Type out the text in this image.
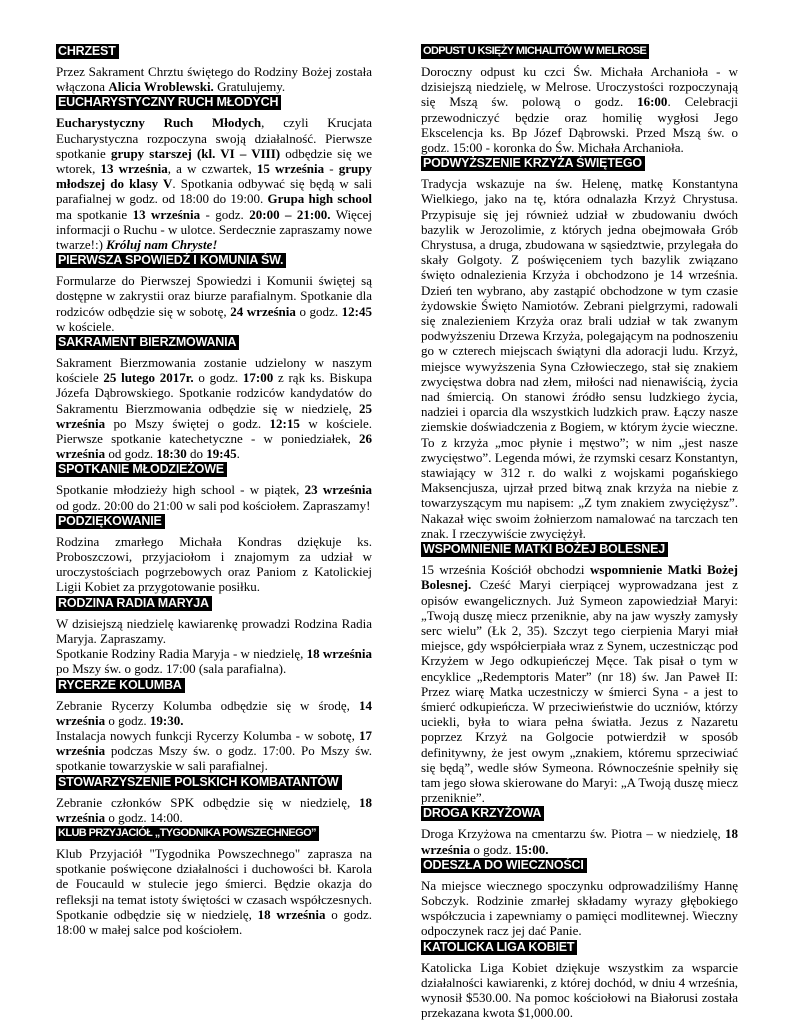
CHRZEST
Przez Sakrament Chrztu świętego do Rodziny Bożej została włączona Alicia Wroblewski. Gratulujemy.
EUCHARYSTYCZNY RUCH MŁODYCH
Eucharystyczny Ruch Młodych, czyli Krucjata Eucharystyczna rozpoczyna swoją działalność. Pierwsze spotkanie grupy starszej (kl. VI – VIII) odbędzie się we wtorek, 13 września, a w czwartek, 15 września - grupy młodszej do klasy V. Spotkania odbywać się będą w sali parafialnej w godz. od 18:00 do 19:00. Grupa high school ma spotkanie 13 września - godz. 20:00 – 21:00. Więcej informacji o Ruchu - w ulotce. Serdecznie zapraszamy nowe twarze!:) Króluj nam Chryste!
PIERWSZA SPOWIEDŹ I KOMUNIA ŚW.
Formularze do Pierwszej Spowiedzi i Komunii świętej są dostępne w zakrystii oraz biurze parafialnym. Spotkanie dla rodziców odbędzie się w sobotę, 24 września o godz. 12:45 w kościele.
SAKRAMENT BIERZMOWANIA
Sakrament Bierzmowania zostanie udzielony w naszym kościele 25 lutego 2017r. o godz. 17:00 z rąk ks. Biskupa Józefa Dąbrowskiego. Spotkanie rodziców kandydatów do Sakramentu Bierzmowania odbędzie się w niedzielę, 25 września po Mszy świętej o godz. 12:15 w kościele. Pierwsze spotkanie katechetyczne - w poniedziałek, 26 września od godz. 18:30 do 19:45.
SPOTKANIE MŁODZIEŻOWE
Spotkanie młodzieży high school - w piątek, 23 września od godz. 20:00 do 21:00 w sali pod kościołem. Zapraszamy!
PODZIĘKOWANIE
Rodzina zmarłego Michała Kondras dziękuje ks. Proboszczowi, przyjaciołom i znajomym za udział w uroczystościach pogrzebowych oraz Paniom z Katolickiej Ligii Kobiet za przygotowanie posiłku.
RODZINA RADIA MARYJA
W dzisiejszą niedzielę kawiarenkę prowadzi Rodzina Radia Maryja. Zapraszamy.
Spotkanie Rodziny Radia Maryja - w niedzielę, 18 września po Mszy św. o godz. 17:00 (sala parafialna).
RYCERZE KOLUMBA
Zebranie Rycerzy Kolumba odbędzie się w środę, 14 września o godz. 19:30.
Instalacja nowych funkcji Rycerzy Kolumba - w sobotę, 17 września podczas Mszy św. o godz. 17:00. Po Mszy św. spotkanie towarzyskie w sali parafialnej.
STOWARZYSZENIE POLSKICH KOMBATANTÓW
Zebranie członków SPK odbędzie się w niedzielę, 18 września o godz. 14:00.
KLUB PRZYJACIÓŁ „TYGODNIKA POWSZECHNEGO”
Klub Przyjaciół "Tygodnika Powszechnego" zaprasza na spotkanie poświęcone działalności i duchowości bł. Karola de Foucauld w stulecie jego śmierci. Będzie okazja do refleksji na temat istoty świętości w czasach współczesnych. Spotkanie odbędzie się w niedzielę, 18 września o godz. 18:00 w małej salce pod kościołem.
ODPUST U KSIĘŻY MICHALITÓW W MELROSE
Doroczny odpust ku czci Św. Michała Archanioła - w dzisiejszą niedzielę, w Melrose. Uroczystości rozpoczynają się Mszą św. polową o godz. 16:00. Celebracji przewodniczyć będzie oraz homilię wygłosi Jego Ekscelencja ks. Bp Józef Dąbrowski. Przed Mszą św. o godz. 15:00 - koronka do Św. Michała Archanioła.
PODWYŻSZENIE KRZYŻA ŚWIĘTEGO
Tradycja wskazuje na św. Helenę, matkę Konstantyna Wielkiego, jako na tę, która odnalazła Krzyż Chrystusa. Przypisuje się jej również udział w zbudowaniu dwóch bazylik w Jerozolimie, z których jedna obejmowała Grób Chrystusa, a druga, zbudowana w sąsiedztwie, przylegała do skały Golgoty. Z poświęceniem tych bazylik związano święto odnalezienia Krzyża i obchodzono je 14 września. Dzień ten wybrano, aby zastąpić obchodzone w tym czasie żydowskie Święto Namiotów. Zebrani pielgrzymi, radowali się znalezieniem Krzyża oraz brali udział w tak zwanym podwyższeniu Drzewa Krzyża, polegającym na podnoszeniu go w czterech miejscach świątyni dla adoracji ludu. Krzyż, miejsce wywyższenia Syna Człowieczego, stał się znakiem zwycięstwa dobra nad złem, miłości nad nienawiścią, życia nad śmiercią. On stanowi źródło sensu ludzkiego życia, nadziei i oparcia dla wszystkich ludzkich praw. Łączy nasze ziemskie doświadczenia z Bogiem, w którym życie wieczne. To z krzyża „moc płynie i męstwo”; w nim „jest nasze zwycięstwo”. Legenda mówi, że rzymski cesarz Konstantyn, stawiający w 312 r. do walki z wojskami pogańskiego Maksencjusza, ujrzał przed bitwą znak krzyża na niebie z towarzyszącym mu napisem: „Z tym znakiem zwyciężysz”. Nakazał więc swoim żołnierzom namalować na tarczach ten znak. I rzeczywiście zwyciężył.
WSPOMNIENIE MATKI BOŻEJ BOLESNEJ
15 września Kościół obchodzi wspomnienie Matki Bożej Bolesnej. Cześć Maryi cierpiącej wyprowadzana jest z opisów ewangelicznych. Już Symeon zapowiedział Maryi: „Twoją duszę miecz przeniknie, aby na jaw wyszły zamysły serc wielu” (Łk 2, 35). Szczyt tego cierpienia Maryi miał miejsce, gdy współcierpiała wraz z Synem, uczestnicząc pod Krzyżem w Jego odkupieńczej Męce. Tak pisał o tym w encyklice „Redemptoris Mater” (nr 18) św. Jan Paweł II: Przez wiarę Matka uczestniczy w śmierci Syna - a jest to śmierć odkupieńcza. W przeciwieństwie do uczniów, którzy uciekli, była to wiara pełna światła. Jezus z Nazaretu poprzez Krzyż na Golgocie potwierdził w sposób definitywny, że jest owym „znakiem, któremu sprzeciwiać się będą”, wedle słów Symeona. Równocześnie spełniły się tam jego słowa skierowane do Maryi: „A Twoją duszę miecz przeniknie”.
DROGA KRZYŻOWA
Droga Krzyżowa na cmentarzu św. Piotra – w niedzielę, 18 września o godz. 15:00.
ODESZŁA DO WIECZNOŚCI
Na miejsce wiecznego spoczynku odprowadziliśmy Hannę Sobczyk. Rodzinie zmarłej składamy wyrazy głębokiego współczucia i zapewniamy o pamięci modlitewnej. Wieczny odpoczynek racz jej dać Panie.
KATOLICKA LIGA KOBIET
Katolicka Liga Kobiet dziękuje wszystkim za wsparcie działalności kawiarenki, z której dochód, w dniu 4 września, wynosił $530.00. Na pomoc kościołowi na Białorusi została przekazana kwota $1,000.00.
